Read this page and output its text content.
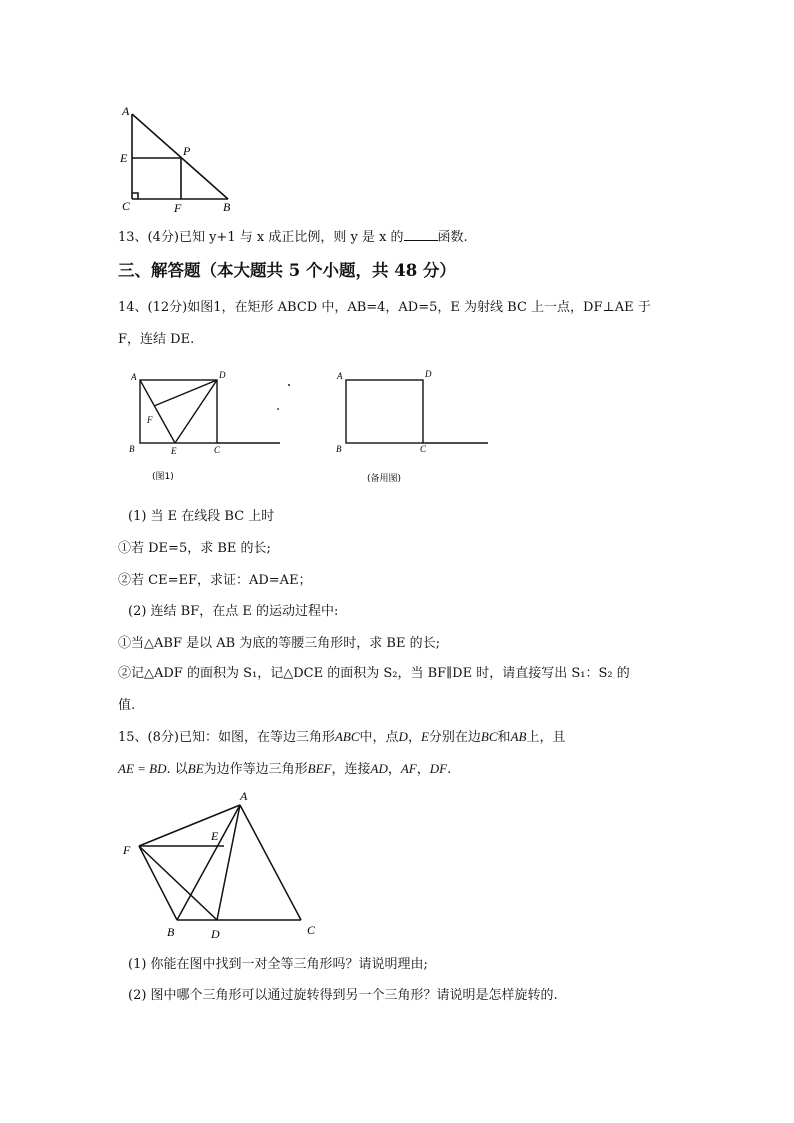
A
E	P
C	F	B
13、(4分)已知 y+1 与 x 成正比例，则 y 是 x 的	函数.
三、解答题（本大题共 5 个小题，共 48 分）
14、(12分)如图1，在矩形 ABCD 中，AB=4，AD=5，E 为射线 BC 上一点，DF⊥AE 于
F，连结 DE.
A	D
F
B	E	C
(图1)
A	D
B	C
(备用图)
(1) 当 E 在线段 BC 上时
①若 DE=5，求 BE 的长;
②若 CE=EF，求证：AD=AE；
(2) 连结 BF，在点 E 的运动过程中:
①当△ABF 是以 AB 为底的等腰三角形时，求 BE 的长;
②记△ADF 的面积为 S₁，记△DCE 的面积为 S₂，当 BF∥DE 时，请直接写出 S₁：S₂ 的
值.
15、(8分)已知：如图，在等边三角形ABC中，点D，E分别在边BC和AB上，且
AE = BD. 以BE为边作等边三角形BEF，连接AD，AF，DF.
A
E
F
B	D	C
(1) 你能在图中找到一对全等三角形吗？请说明理由;
(2) 图中哪个三角形可以通过旋转得到另一个三角形？请说明是怎样旋转的.
